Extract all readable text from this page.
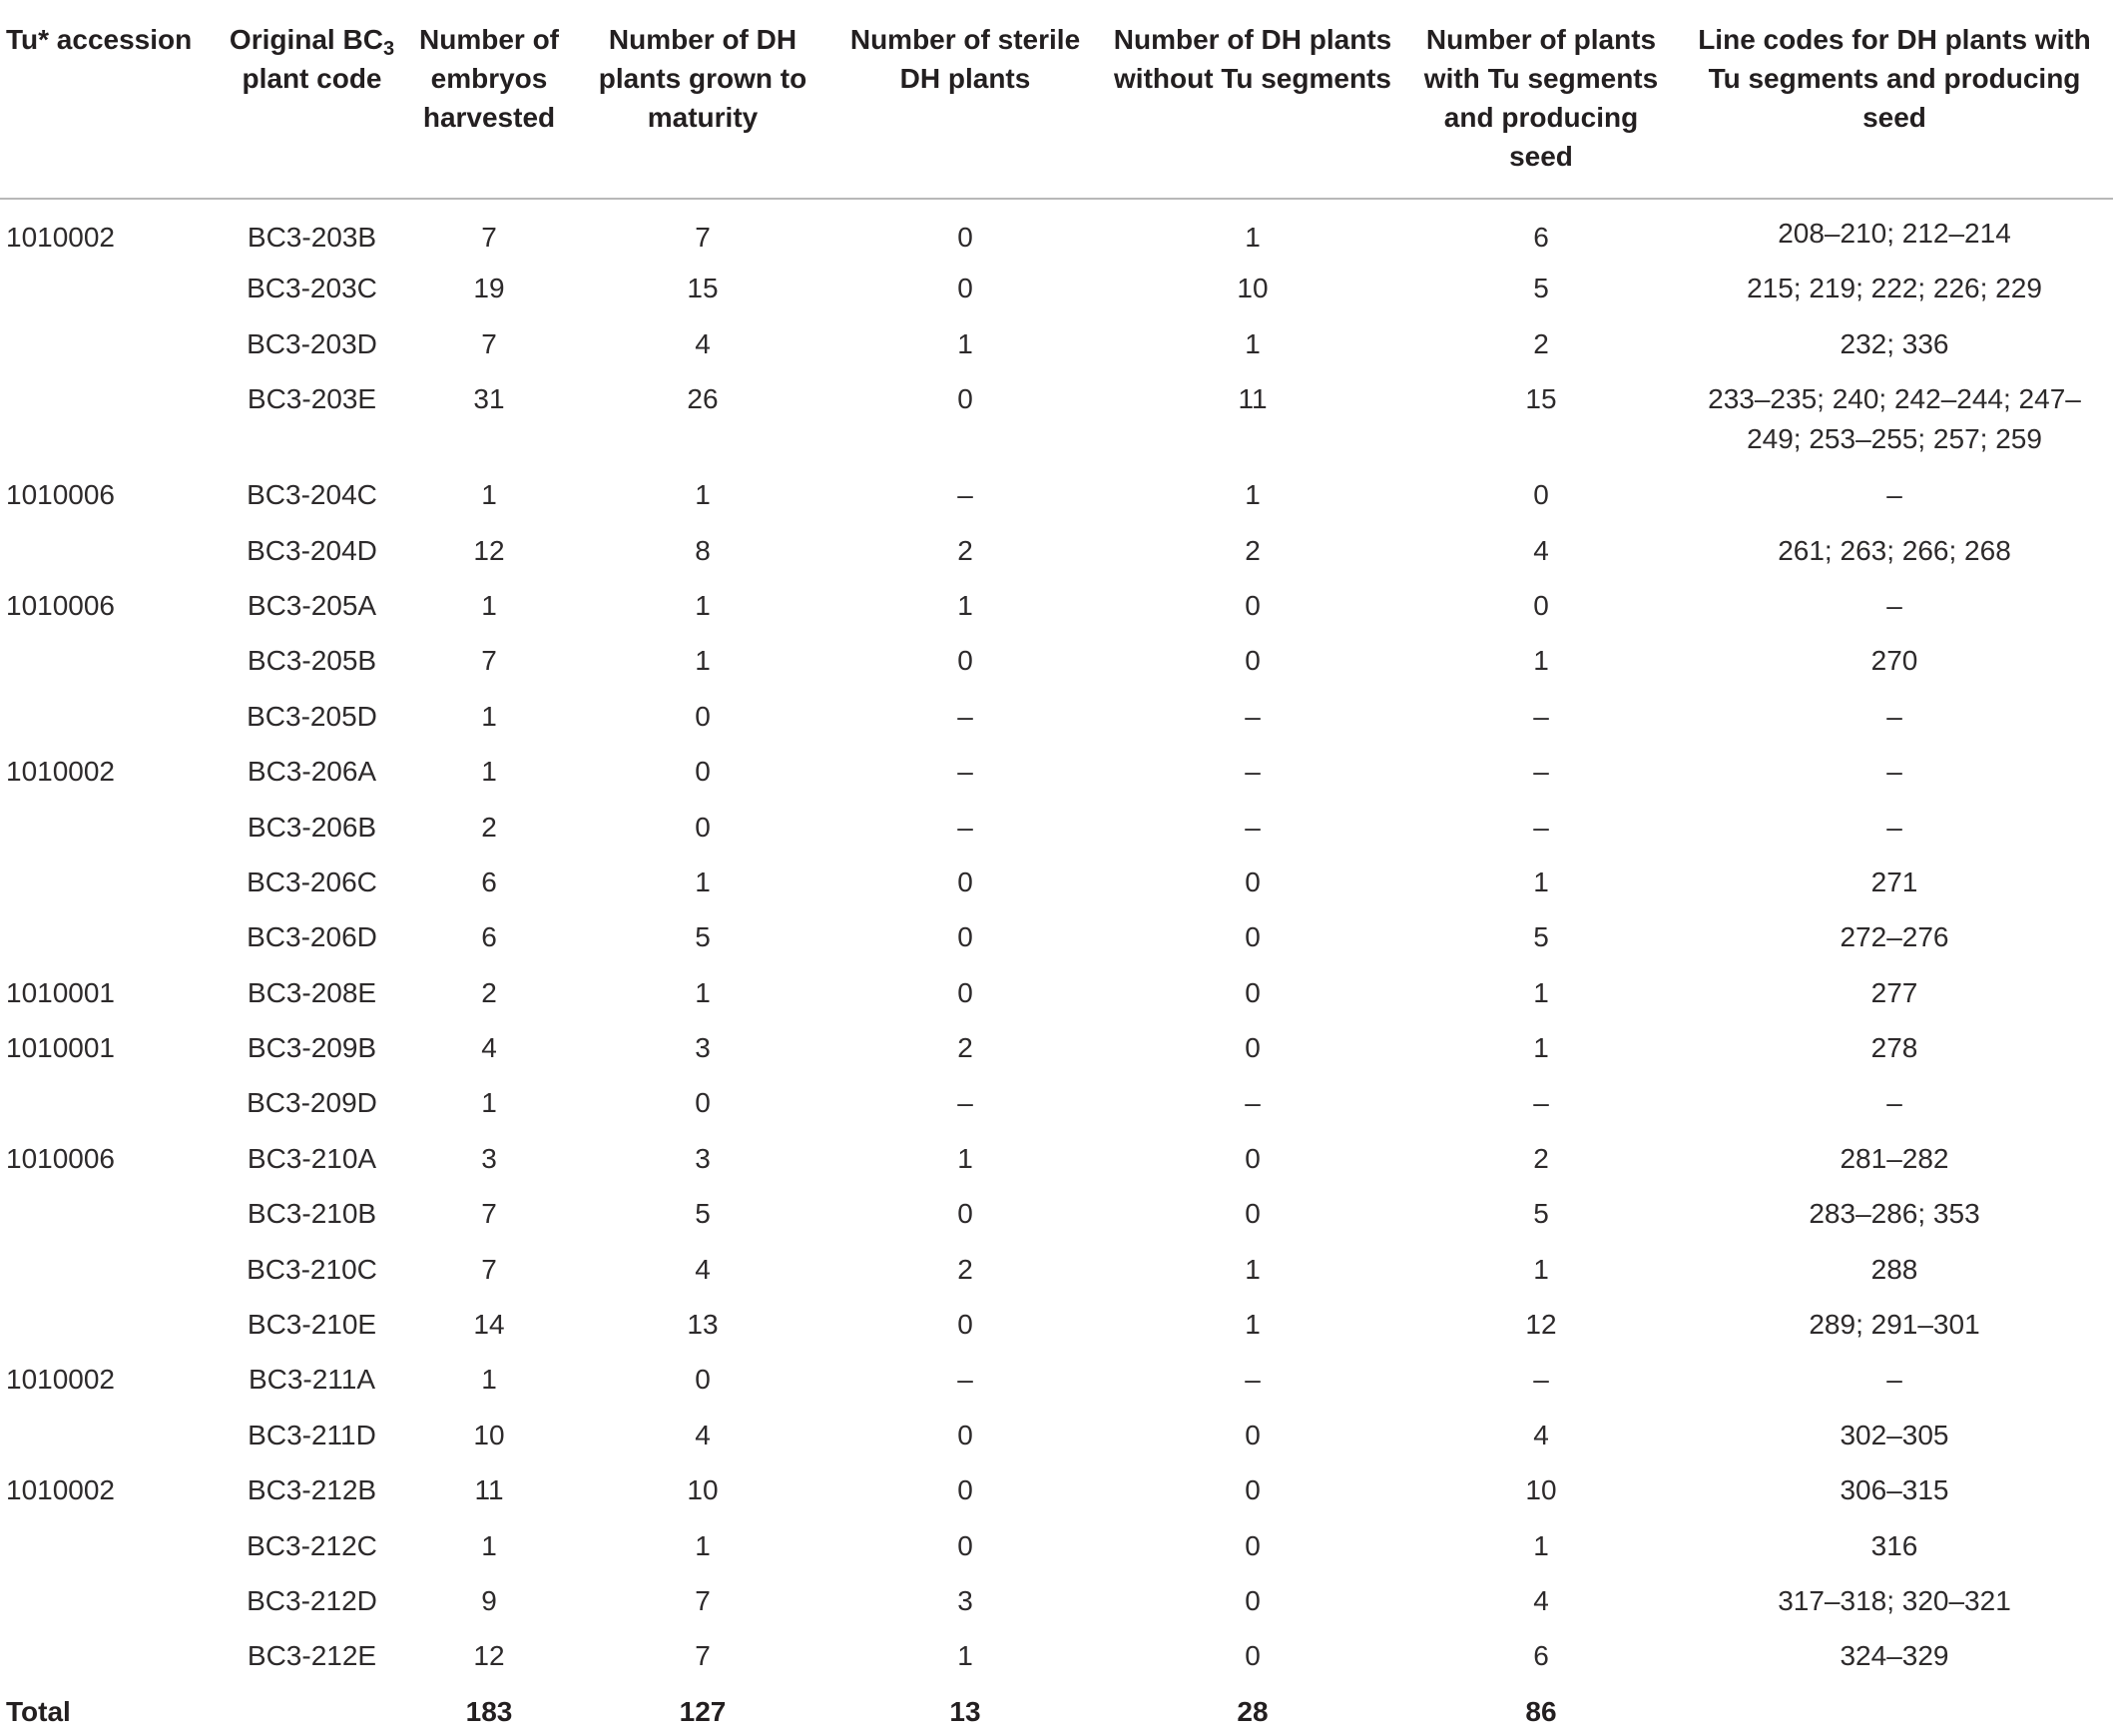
Tu* accession	Original $BC_3$ plant code	Number of embryos harvested	Number of DH plants grown to maturity	Number of sterile DH plants	Number of DH plants without Tu segments	Number of plants with Tu segments and producing seed	Line codes for DH plants with Tu segments and producing seed
1010002	BC3-203B	7	7	0	1	6	208–210; 212–214
	BC3-203C	19	15	0	10	5	215; 219; 222; 226; 229
	BC3-203D	7	4	1	1	2	232; 336
	BC3-203E	31	26	0	11	15	233–235; 240; 242–244; 247–249; 253–255; 257; 259
1010006	BC3-204C	1	1	–	1	0	–
	BC3-204D	12	8	2	2	4	261; 263; 266; 268
1010006	BC3-205A	1	1	1	0	0	–
	BC3-205B	7	1	0	0	1	270
	BC3-205D	1	0	–	–	–	–
1010002	BC3-206A	1	0	–	–	–	–
	BC3-206B	2	0	–	–	–	–
	BC3-206C	6	1	0	0	1	271
	BC3-206D	6	5	0	0	5	272–276
1010001	BC3-208E	2	1	0	0	1	277
1010001	BC3-209B	4	3	2	0	1	278
	BC3-209D	1	0	–	–	–	–
1010006	BC3-210A	3	3	1	0	2	281–282
	BC3-210B	7	5	0	0	5	283–286; 353
	BC3-210C	7	4	2	1	1	288
	BC3-210E	14	13	0	1	12	289; 291–301
1010002	BC3-211A	1	0	–	–	–	–
	BC3-211D	10	4	0	0	4	302–305
1010002	BC3-212B	11	10	0	0	10	306–315
	BC3-212C	1	1	0	0	1	316
	BC3-212D	9	7	3	0	4	317–318; 320–321
	BC3-212E	12	7	1	0	6	324–329
Total		183	127	13	28	86	
